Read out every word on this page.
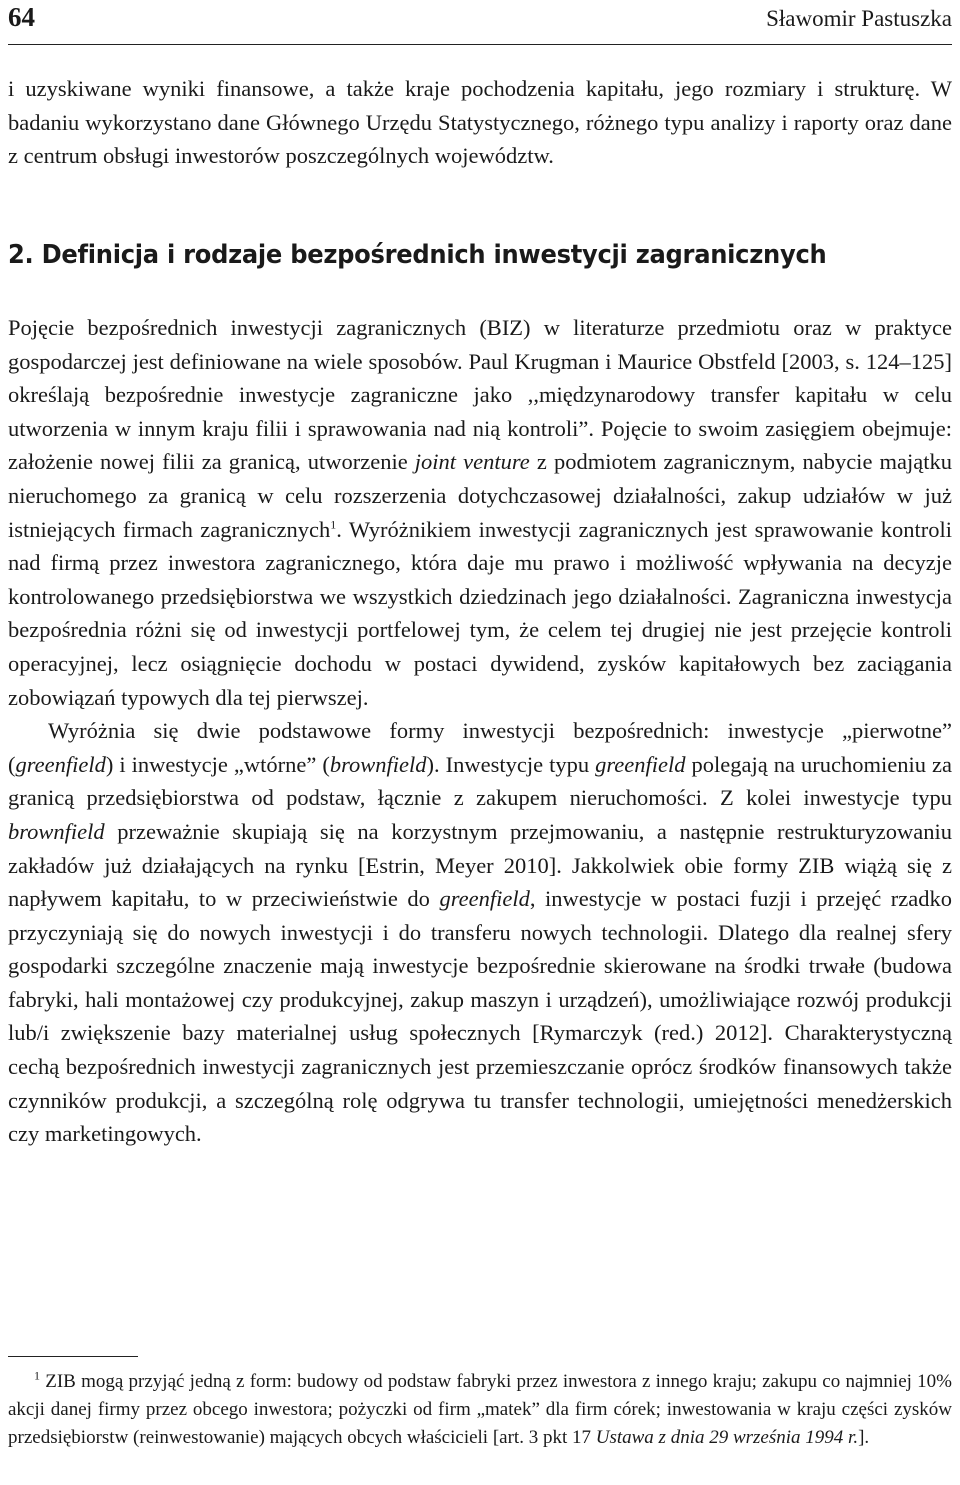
64	Sławomir Pastuszka

i uzyskiwane wyniki finansowe, a także kraje pochodzenia kapitału, jego rozmiary i strukturę. W badaniu wykorzystano dane Głównego Urzędu Statystycznego, różnego typu analizy i raporty oraz dane z centrum obsługi inwestorów poszczególnych województw.

2. Definicja i rodzaje bezpośrednich inwestycji zagranicznych

Pojęcie bezpośrednich inwestycji zagranicznych (BIZ) w literaturze przedmiotu oraz w praktyce gospodarczej jest definiowane na wiele sposobów. Paul Krugman i Maurice Obstfeld [2003, s. 124–125] określają bezpośrednie inwestycje zagraniczne jako ,,międzynarodowy transfer kapitału w celu utworzenia w innym kraju filii i sprawowania nad nią kontroli”. Pojęcie to swoim zasięgiem obejmuje: założenie nowej filii za granicą, utworzenie joint venture z podmiotem zagranicznym, nabycie majątku nieruchomego za granicą w celu rozszerzenia dotychczasowej działalności, zakup udziałów w już istniejących firmach zagranicznych$^1$. Wyróżnikiem inwestycji zagranicznych jest sprawowanie kontroli nad firmą przez inwestora zagranicznego, która daje mu prawo i możliwość wpływania na decyzje kontrolowanego przedsiębiorstwa we wszystkich dziedzinach jego działalności. Zagraniczna inwestycja bezpośrednia różni się od inwestycji portfelowej tym, że celem tej drugiej nie jest przejęcie kontroli operacyjnej, lecz osiągnięcie dochodu w postaci dywidend, zysków kapitałowych bez zaciągania zobowiązań typowych dla tej pierwszej.

Wyróżnia się dwie podstawowe formy inwestycji bezpośrednich: inwestycje „pierwotne” (greenfield) i inwestycje „wtórne” (brownfield). Inwestycje typu greenfield polegają na uruchomieniu za granicą przedsiębiorstwa od podstaw, łącznie z zakupem nieruchomości. Z kolei inwestycje typu brownfield przeważnie skupiają się na korzystnym przejmowaniu, a następnie restrukturyzowaniu zakładów już działających na rynku [Estrin, Meyer 2010]. Jakkolwiek obie formy ZIB wiążą się z napływem kapitału, to w przeciwieństwie do greenfield, inwestycje w postaci fuzji i przejęć rzadko przyczyniają się do nowych inwestycji i do transferu nowych technologii. Dlatego dla realnej sfery gospodarki szczególne znaczenie mają inwestycje bezpośrednie skierowane na środki trwałe (budowa fabryki, hali montażowej czy produkcyjnej, zakup maszyn i urządzeń), umożliwiające rozwój produkcji lub/i zwiększenie bazy materialnej usług społecznych [Rymarczyk (red.) 2012]. Charakterystyczną cechą bezpośrednich inwestycji zagranicznych jest przemieszczanie oprócz środków finansowych także czynników produkcji, a szczególną rolę odgrywa tu transfer technologii, umiejętności menedżerskich czy marketingowych.

$^1$ ZIB mogą przyjąć jedną z form: budowy od podstaw fabryki przez inwestora z innego kraju; zakupu co najmniej 10% akcji danej firmy przez obcego inwestora; pożyczki od firm „matek” dla firm córek; inwestowania w kraju części zysków przedsiębiorstw (reinwestowanie) mających obcych właścicieli [art. 3 pkt 17 Ustawa z dnia 29 września 1994 r.].
